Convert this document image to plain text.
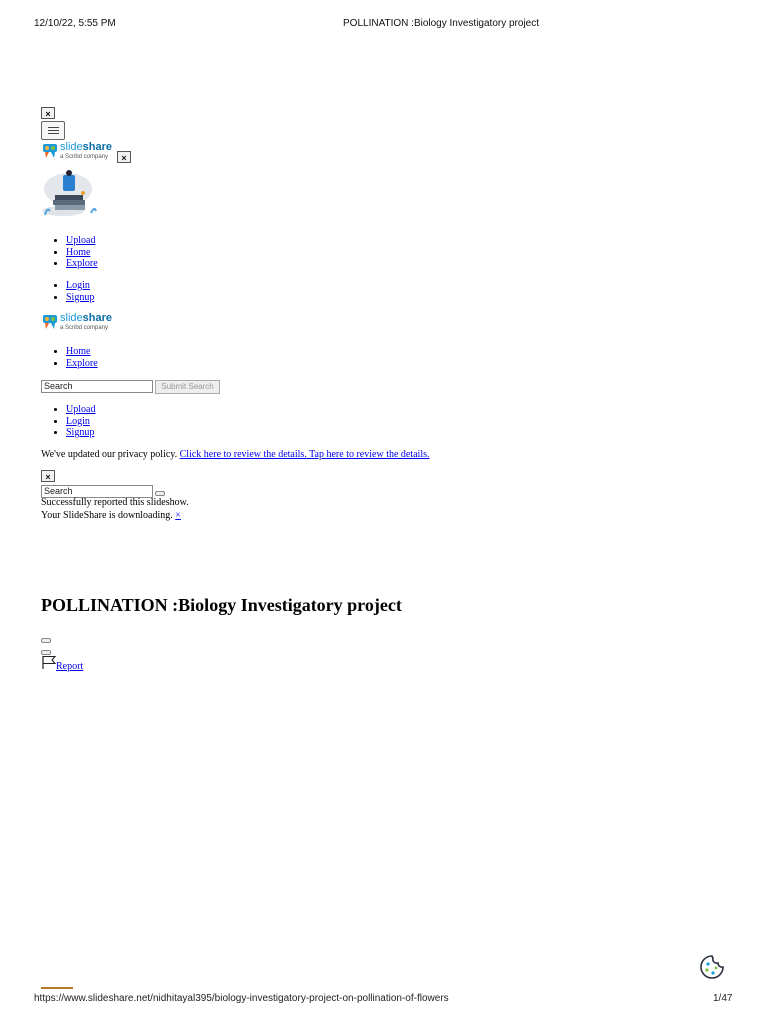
12/10/22, 5:55 PM	POLLINATION :Biology Investigatory project
×
slideshare
a Scribd company	×
• Upload
• Home
• Explore
• Login
• Signup
slideshare
a Scribd company
• Home
• Explore
Search	Submit Search
• Upload
• Login
• Signup
We've updated our privacy policy. Click here to review the details. Tap here to review the details.
×
Search
Successfully reported this slideshow.
Your SlideShare is downloading. ×
POLLINATION :Biology Investigatory project
Report
https://www.slideshare.net/nidhitayal395/biology-investigatory-project-on-pollination-of-flowers	1/47
